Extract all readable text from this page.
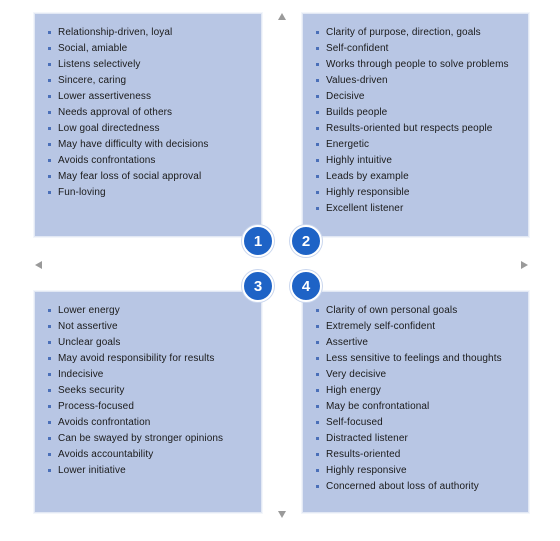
Relationship-driven, loyal
Social, amiable
Listens selectively
Sincere, caring
Lower assertiveness
Needs approval of others
Low goal directedness
May have difficulty with decisions
Avoids confrontations
May fear loss of social approval
Fun-loving
Clarity of purpose, direction, goals
Self-confident
Works through people to solve problems
Values-driven
Decisive
Builds people
Results-oriented but respects people
Energetic
Highly intuitive
Leads by example
Highly responsible
Excellent listener
Lower energy
Not assertive
Unclear goals
May avoid responsibility for results
Indecisive
Seeks security
Process-focused
Avoids confrontation
Can be swayed by stronger opinions
Avoids accountability
Lower initiative
Clarity of own personal goals
Extremely self-confident
Assertive
Less sensitive to feelings and thoughts
Very decisive
High energy
May be confrontational
Self-focused
Distracted listener
Results-oriented
Highly responsive
Concerned about loss of authority
1	2
3	4
